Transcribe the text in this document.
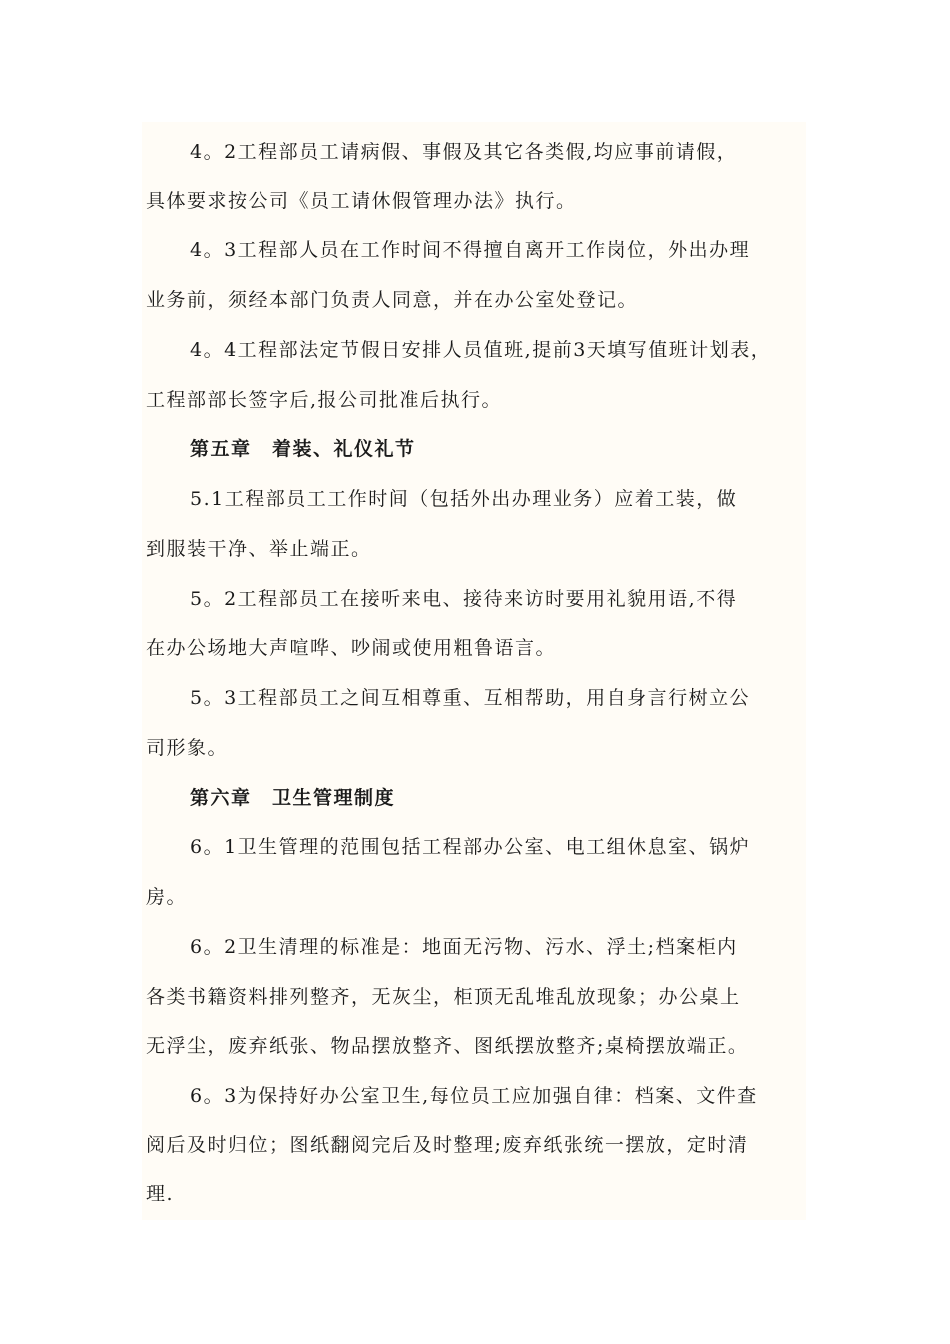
4。2工程部员工请病假、事假及其它各类假,均应事前请假，
具体要求按公司《员工请休假管理办法》执行。
4。3工程部人员在工作时间不得擅自离开工作岗位，外出办理
业务前，须经本部门负责人同意，并在办公室处登记。
4。4工程部法定节假日安排人员值班,提前3天填写值班计划表，
工程部部长签字后,报公司批准后执行。
第五章　着装、礼仪礼节
5.1工程部员工工作时间（包括外出办理业务）应着工装，做
到服装干净、举止端正。
5。2工程部员工在接听来电、接待来访时要用礼貌用语,不得
在办公场地大声喧哗、吵闹或使用粗鲁语言。
5。3工程部员工之间互相尊重、互相帮助，用自身言行树立公
司形象。
第六章　卫生管理制度
6。1卫生管理的范围包括工程部办公室、电工组休息室、锅炉
房。
6。2卫生清理的标准是：地面无污物、污水、浮土;档案柜内
各类书籍资料排列整齐，无灰尘，柜顶无乱堆乱放现象；办公桌上
无浮尘，废弃纸张、物品摆放整齐、图纸摆放整齐;桌椅摆放端正。
6。3为保持好办公室卫生,每位员工应加强自律：档案、文件查
阅后及时归位；图纸翻阅完后及时整理;废弃纸张统一摆放，定时清
理.
